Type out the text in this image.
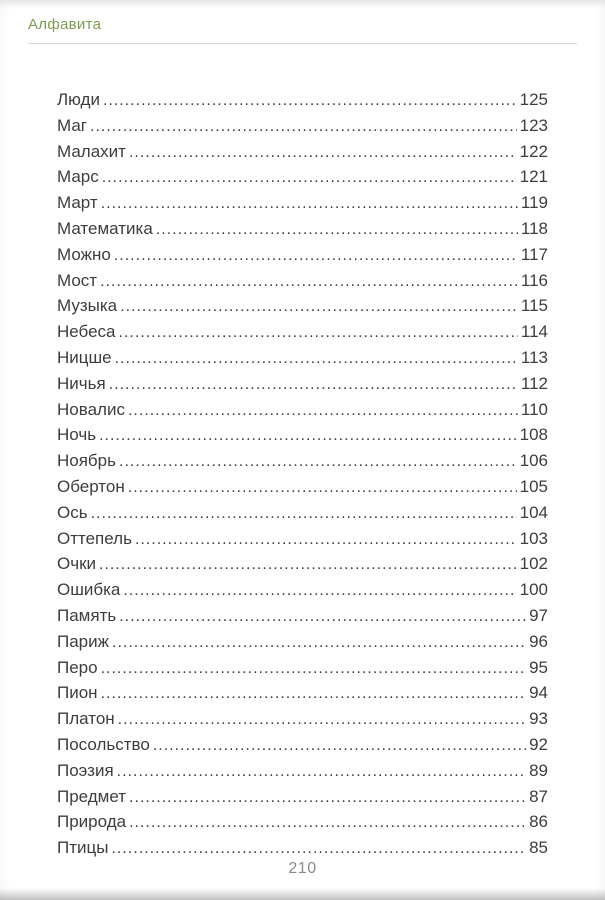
Алфавита
Люди .....	125
Маг .....	123
Малахит .....	122
Марс .....	121
Март .....	119
Математика .....	118
Можно .....	117
Мост .....	116
Музыка .....	115
Небеса .....	114
Ницше .....	113
Ничья .....	112
Новалис .....	110
Ночь .....	108
Ноябрь .....	106
Обертон .....	105
Ось .....	104
Оттепель .....	103
Очки .....	102
Ошибка .....	100
Память .....	97
Париж .....	96
Перо .....	95
Пион .....	94
Платон .....	93
Посольство .....	92
Поэзия .....	89
Предмет .....	87
Природа .....	86
Птицы .....	85
210
